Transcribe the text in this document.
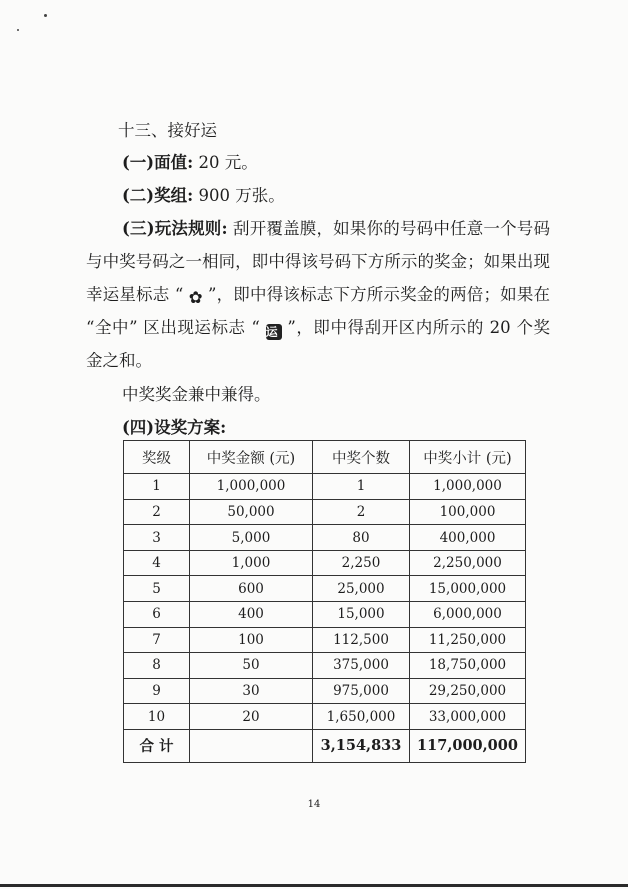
十三、接好运
(一)面值: 20 元。
(二)奖组: 900 万张。
(三)玩法规则: 刮开覆盖膜，如果你的号码中任意一个号码
与中奖号码之一相同，即中得该号码下方所示的奖金；如果出现
幸运星标志 “ ✿ ”，即中得该标志下方所示奖金的两倍；如果在
“全中” 区出现运标志 “ 运 ”，即中得刮开区内所示的 20 个奖
金之和。
中奖奖金兼中兼得。
(四)设奖方案:
奖级	中奖金额 (元)	中奖个数	中奖小计 (元)
1	1,000,000	1	1,000,000
2	50,000	2	100,000
3	5,000	80	400,000
4	1,000	2,250	2,250,000
5	600	25,000	15,000,000
6	400	15,000	6,000,000
7	100	112,500	11,250,000
8	50	375,000	18,750,000
9	30	975,000	29,250,000
10	20	1,650,000	33,000,000
合 计		3,154,833	117,000,000
14
